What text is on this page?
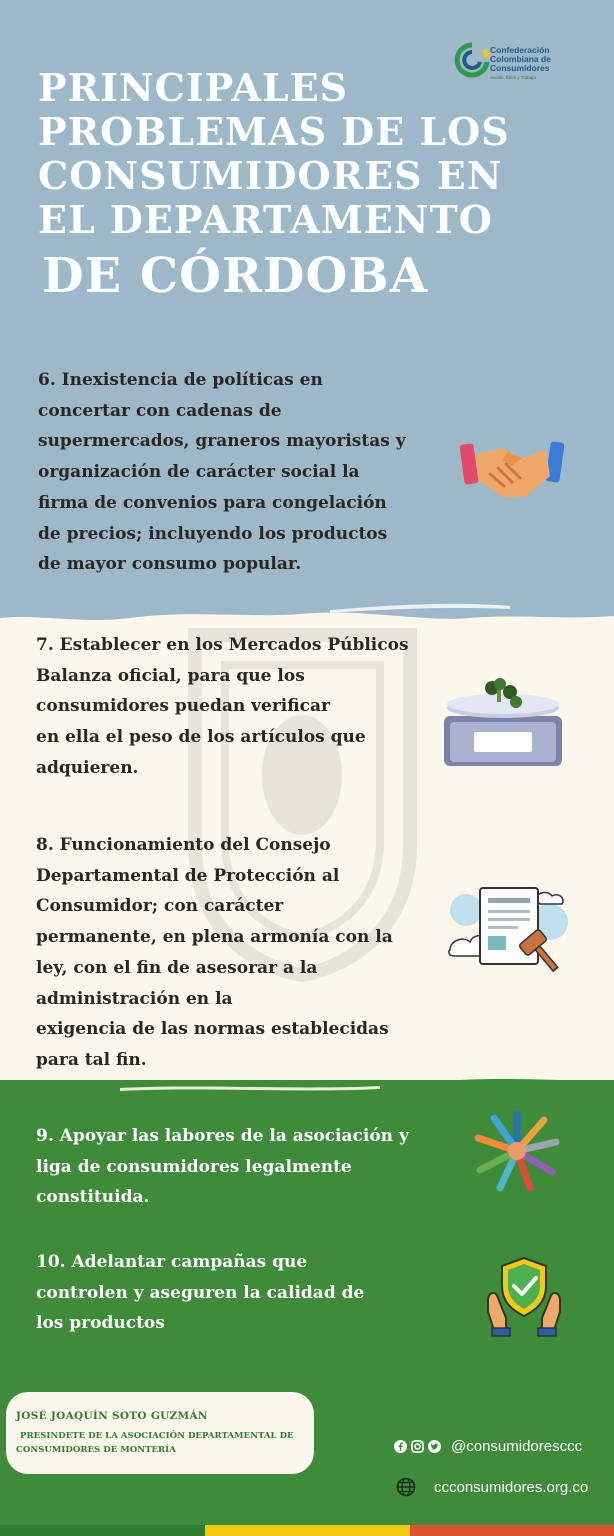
Confederación
Colombiana de
Consumidores
Acción, Ética y Trabajo
PRINCIPALES
PROBLEMAS DE LOS
CONSUMIDORES EN
EL DEPARTAMENTO
DE CÓRDOBA
6. Inexistencia de políticas en
concertar con cadenas de
supermercados, graneros mayoristas y
organización de carácter social la
firma de convenios para congelación
de precios; incluyendo los productos
de mayor consumo popular.
7. Establecer en los Mercados Públicos
Balanza oficial, para que los
consumidores puedan verificar
en ella el peso de los artículos que
adquieren.
8. Funcionamiento del Consejo
Departamental de Protección al
Consumidor; con carácter
permanente, en plena armonía con la
ley, con el fin de asesorar a la
administración en la
exigencia de las normas establecidas
para tal fin.
9. Apoyar las labores de la asociación y
liga de consumidores legalmente
constituida.
10. Adelantar campañas que
controlen y aseguren la calidad de
los productos
JOSÉ JOAQUÍN SOTO GUZMÁN
PRESINDETE DE LA ASOCIACIÓN DEPARTAMENTAL DE
CONSUMIDORES DE MONTERÍA	@consumidoresccc
ccconsumidores.org.co
